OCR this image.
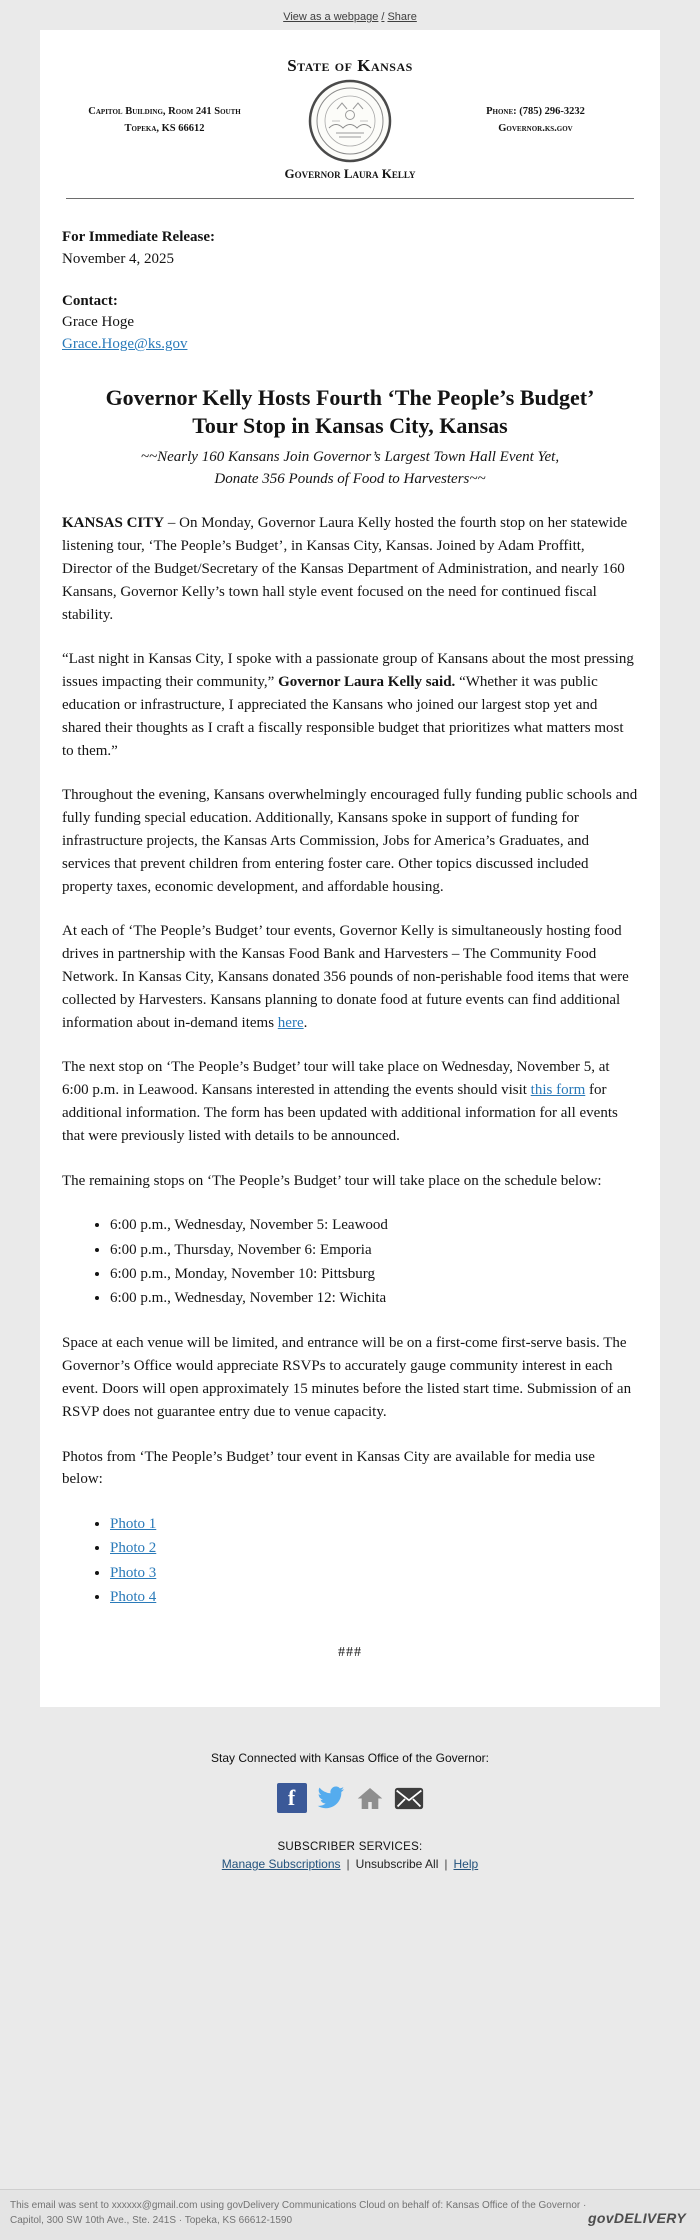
View as a webpage / Share
State of Kansas
Capitol Building, Room 241 South
Topeka, KS 66612
Phone: (785) 296-3232
Governor.ks.gov
Governor Laura Kelly

For Immediate Release:

November 4, 2025

Contact:

Grace Hoge

Grace.Hoge@ks.gov

Governor Kelly Hosts Fourth ‘The People’s Budget’ Tour Stop in Kansas City, Kansas
~~Nearly 160 Kansans Join Governor’s Largest Town Hall Event Yet, Donate 356 Pounds of Food to Harvesters~~

KANSAS CITY – On Monday, Governor Laura Kelly hosted the fourth stop on her statewide listening tour, ‘The People’s Budget’, in Kansas City, Kansas. Joined by Adam Proffitt, Director of the Budget/Secretary of the Kansas Department of Administration, and nearly 160 Kansans, Governor Kelly’s town hall style event focused on the need for continued fiscal stability.

“Last night in Kansas City, I spoke with a passionate group of Kansans about the most pressing issues impacting their community,” Governor Laura Kelly said. “Whether it was public education or infrastructure, I appreciated the Kansans who joined our largest stop yet and shared their thoughts as I craft a fiscally responsible budget that prioritizes what matters most to them.”

Throughout the evening, Kansans overwhelmingly encouraged fully funding public schools and fully funding special education. Additionally, Kansans spoke in support of funding for infrastructure projects, the Kansas Arts Commission, Jobs for America’s Graduates, and services that prevent children from entering foster care. Other topics discussed included property taxes, economic development, and affordable housing.

At each of ‘The People’s Budget’ tour events, Governor Kelly is simultaneously hosting food drives in partnership with the Kansas Food Bank and Harvesters – The Community Food Network. In Kansas City, Kansans donated 356 pounds of non-perishable food items that were collected by Harvesters. Kansans planning to donate food at future events can find additional information about in-demand items here.

The next stop on ‘The People’s Budget’ tour will take place on Wednesday, November 5, at 6:00 p.m. in Leawood. Kansans interested in attending the events should visit this form for additional information. The form has been updated with additional information for all events that were previously listed with details to be announced.

The remaining stops on ‘The People’s Budget’ tour will take place on the schedule below:

• 6:00 p.m., Wednesday, November 5: Leawood
• 6:00 p.m., Thursday, November 6: Emporia
• 6:00 p.m., Monday, November 10: Pittsburg
• 6:00 p.m., Wednesday, November 12: Wichita

Space at each venue will be limited, and entrance will be on a first-come first-serve basis. The Governor’s Office would appreciate RSVPs to accurately gauge community interest in each event. Doors will open approximately 15 minutes before the listed start time. Submission of an RSVP does not guarantee entry due to venue capacity.

Photos from ‘The People’s Budget’ tour event in Kansas City are available for media use below:

• Photo 1
• Photo 2
• Photo 3
• Photo 4
###
Stay Connected with Kansas Office of the Governor:
f
SUBSCRIBER SERVICES:
Manage Subscriptions | Unsubscribe All | Help
This email was sent to xxxxxx@gmail.com using govDelivery Communications Cloud on behalf of: Kansas Office of the Governor · Capitol, 300 SW 10th Ave., Ste. 241S · Topeka, KS 66612-1590	govDELIVERY
